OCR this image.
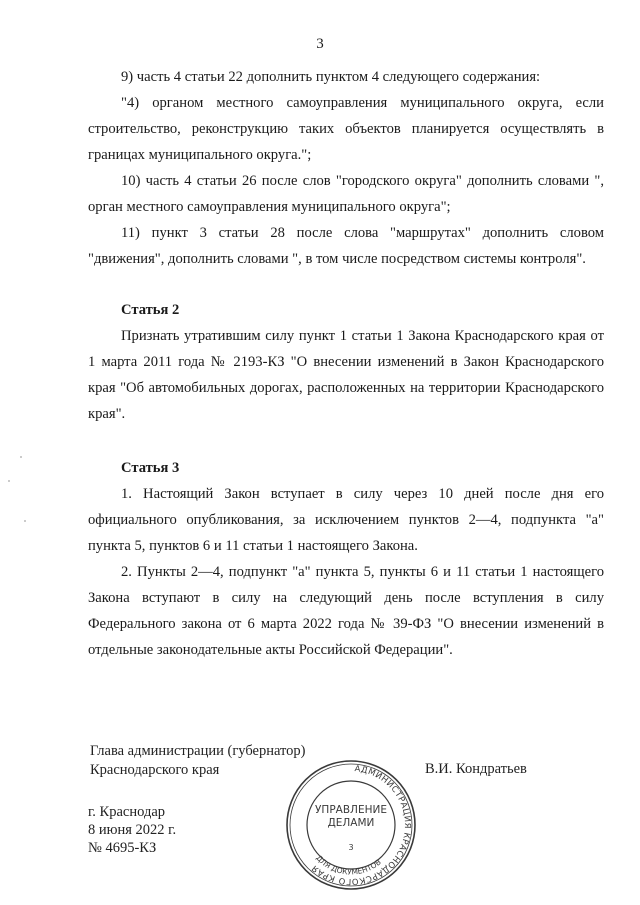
3

9) часть 4 статьи 22 дополнить пунктом 4 следующего содержания:

"4) органом местного самоуправления муниципального округа, если строительство, реконструкцию таких объектов планируется осуществлять в границах муниципального округа.";

10) часть 4 статьи 26 после слов "городского округа" дополнить словами ", орган местного самоуправления муниципального округа";

11) пункт 3 статьи 28 после слова "маршрутах" дополнить словом "движения", дополнить словами ", в том числе посредством системы контроля".

Статья 2

Признать утратившим силу пункт 1 статьи 1 Закона Краснодарского края от 1 марта 2011 года № 2193-КЗ "О внесении изменений в Закон Краснодарского края "Об автомобильных дорогах, расположенных на территории Краснодарского края".

Статья 3

1. Настоящий Закон вступает в силу через 10 дней после дня его официального опубликования, за исключением пунктов 2—4, подпункта "а" пункта 5, пунктов 6 и 11 статьи 1 настоящего Закона.

2. Пункты 2—4, подпункт "а" пункта 5, пункты 6 и 11 статьи 1 настоящего Закона вступают в силу на следующий день после вступления в силу Федерального закона от 6 марта 2022 года № 39-ФЗ "О внесении изменений в отдельные законодательные акты Российской Федерации".

Глава администрации (губернатор)
Краснодарского края	В.И. Кондратьев
г. Краснодар
8 июня 2022 г.
№ 4695-КЗ
АДМИНИСТРАЦИЯ КРАСНОДАРСКОГО КРАЯ
ДЛЯ ДОКУМЕНТОВ
УПРАВЛЕНИЕ
ДЕЛАМИ
3
